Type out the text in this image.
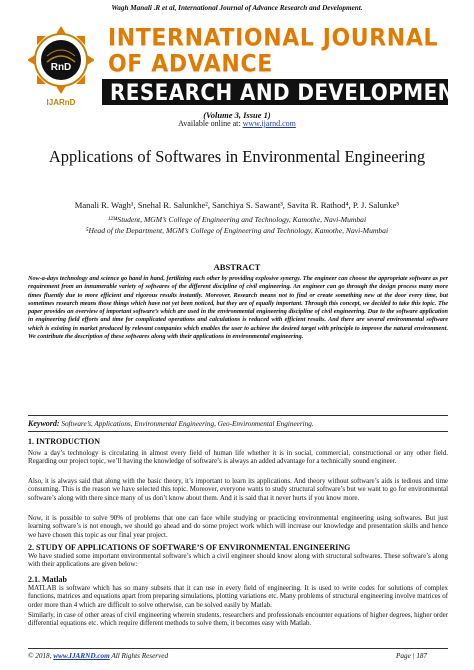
Wagh Manali .R et al, International Journal of Advance Research and Development.
RnD
IJARnD
INTERNATIONAL JOURNAL
OF ADVANCE
RESEARCH AND DEVELOPMENT
(Volume 3, Issue 1)
Available online at: www.ijarnd.com
Applications of Softwares in Environmental Engineering
Manali R. Wagh¹, Snehal R. Salunkhe², Sanchiya S. Sawant³, Savita R. Rathod⁴, P. J. Salunke⁵
¹²³⁴Student, MGM’s College of Engineering and Technology, Kamothe, Navi-Mumbai
⁵Head of the Department, MGM’s College of Engineering and Technology, Kamothe, Navi-Mumbai
ABSTRACT
Now-a-days technology and science go hand in hand, fertilizing each other by providing explosive synergy. The engineer can choose the appropriate software as per requirement from an innumerable variety of softwares of the different discipline of civil engineering. An engineer can go through the design process many more times fluently due to more efficient and rigorous results instantly. Moreover, Research means not to find or create something new at the door every time, but sometimes research means those things which have not yet been noticed, but they are of equally important. Through this concept, we decided to take this topic. The paper provides an overview of important software’s which are used in the environmental engineering discipline of civil engineering. Due to the software application in engineering field efforts and time for complicated operations and calculations is reduced with efficient results. And there are several environmental software which is existing in market produced by relevant companies which enables the user to achieve the desired target with principle to improve the natural environment. We contribute the description of these softwares along with their applications in environmental engineering.
Keyword: Software’s, Applications, Environmental Engineering, Geo-Environmental Engineering.
1. INTRODUCTION
Now a day’s technology is circulating in almost every field of human life whether it is in social, commercial, constructional or any other field. Regarding our project topic, we’ll having the knowledge of software’s is always an added advantage for a technically sound engineer.
Also, it is always said that along with the basic theory, it’s important to learn its applications. And theory without software’s aids is tedious and time consuming. This is the reason we have selected this topic. Moreover, everyone wants to study structural software’s but we want to go for environmental software’s along with there since many of us don’t know about them. And it is said that it never hurts if you know more.
Now, it is possible to solve 90% of problems that one can face while studying or practicing environmental engineering using softwares. But just learning software’s is not enough, we should go ahead and do some project work which will increase our knowledge and presentation skills and hence we have chosen this topic as our final year project.
2. STUDY OF APPLICATIONS OF SOFTWARE’S OF ENVIRONMENTAL ENGINEERING
We have studied some important environmental software’s which a civil engineer should know along with structural softwares. These software’s along with their applications are given below:
2.1. Matlab
MATLAB is software which has so many subsets that it can use in every field of engineering. It is used to write codes for solutions of complex functions, matrices and equations apart from preparing simulations, plotting variations etc. Many problems of structural engineering involve matrices of order more than 4 which are difficult to solve otherwise, can be solved easily by Matlab.
Similarly, in case of other areas of civil engineering wherein students, researchers and professionals encounter equations of higher degrees, higher order differential equations etc. which require different methods to solve them, it becomes easy with Matlab.
© 2018, www.IJARND.com All Rights Reserved	Page | 187
